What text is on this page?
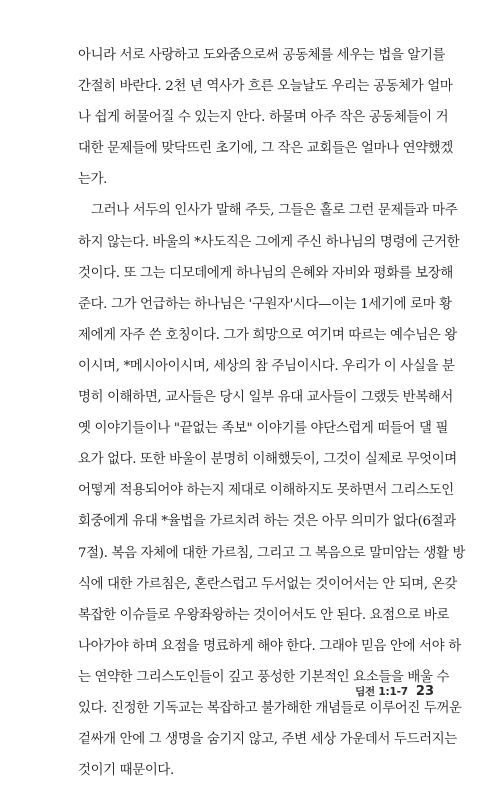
아니라 서로 사랑하고 도와줌으로써 공동체를 세우는 법을 알기를
간절히 바란다. 2천 년 역사가 흐른 오늘날도 우리는 공동체가 얼마
나 쉽게 허물어질 수 있는지 안다. 하물며 아주 작은 공동체들이 거
대한 문제들에 맞닥뜨린 초기에, 그 작은 교회들은 얼마나 연약했겠
는가.
　그러나 서두의 인사가 말해 주듯, 그들은 홀로 그런 문제들과 마주
하지 않는다. 바울의 *사도직은 그에게 주신 하나님의 명령에 근거한
것이다. 또 그는 디모데에게 하나님의 은혜와 자비와 평화를 보장해
준다. 그가 언급하는 하나님은 '구원자'시다—이는 1세기에 로마 황
제에게 자주 쓴 호칭이다. 그가 희망으로 여기며 따르는 예수님은 왕
이시며, *메시아이시며, 세상의 참 주님이시다. 우리가 이 사실을 분
명히 이해하면, 교사들은 당시 일부 유대 교사들이 그랬듯 반복해서
옛 이야기들이나 "끝없는 족보" 이야기를 야단스럽게 떠들어 댈 필
요가 없다. 또한 바울이 분명히 이해했듯이, 그것이 실제로 무엇이며
어떻게 적용되어야 하는지 제대로 이해하지도 못하면서 그리스도인
회중에게 유대 *율법을 가르치려 하는 것은 아무 의미가 없다(6절과
7절). 복음 자체에 대한 가르침, 그리고 그 복음으로 말미암는 생활 방
식에 대한 가르침은, 혼란스럽고 두서없는 것이어서는 안 되며, 온갖
복잡한 이슈들로 우왕좌왕하는 것이어서도 안 된다. 요점으로 바로
나아가야 하며 요점을 명료하게 해야 한다. 그래야 믿음 안에 서야 하
는 연약한 그리스도인들이 깊고 풍성한 기본적인 요소들을 배울 수
있다. 진정한 기독교는 복잡하고 불가해한 개념들로 이루어진 두꺼운
겉싸개 안에 그 생명을 숨기지 않고, 주변 세상 가운데서 두드러지는
것이기 때문이다.
딤전 1:1-7 23
